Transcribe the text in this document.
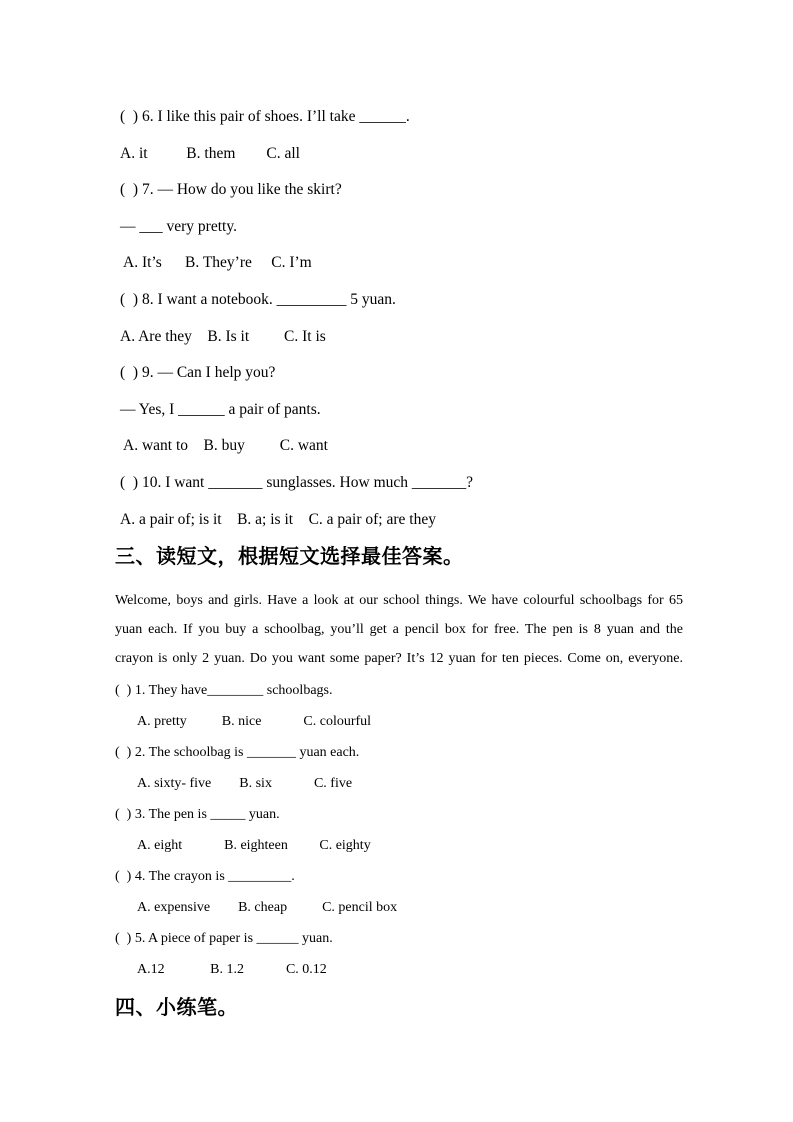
(  ) 6. I like this pair of shoes. I’ll take ______.
A. it          B. them        C. all
(  ) 7. — How do you like the skirt?
— ___ very pretty.
A. It’s      B. They’re     C. I’m
(  ) 8. I want a notebook. _________ 5 yuan.
A. Are they    B. Is it         C. It is
(  ) 9. — Can I help you?
— Yes, I ______ a pair of pants.
A. want to    B. buy         C. want
(  ) 10. I want _______ sunglasses. How much _______?
A. a pair of; is it    B. a; is it    C. a pair of; are they
三、读短文，根据短文选择最佳答案。
Welcome, boys and girls. Have a look at our school things. We have colourful schoolbags for 65
yuan each. If you buy a schoolbag, you’ll get a pencil box for free. The pen is 8 yuan and the
crayon is only 2 yuan. Do you want some paper? It’s 12 yuan for ten pieces. Come on, everyone.
(  ) 1. They have________ schoolbags.
A. pretty          B. nice            C. colourful
(  ) 2. The schoolbag is _______ yuan each.
A. sixty- five        B. six            C. five
(  ) 3. The pen is _____ yuan.
A. eight            B. eighteen         C. eighty
(  ) 4. The crayon is _________.
A. expensive        B. cheap          C. pencil box
(  ) 5. A piece of paper is ______ yuan.
A.12             B. 1.2            C. 0.12
四、小练笔。
